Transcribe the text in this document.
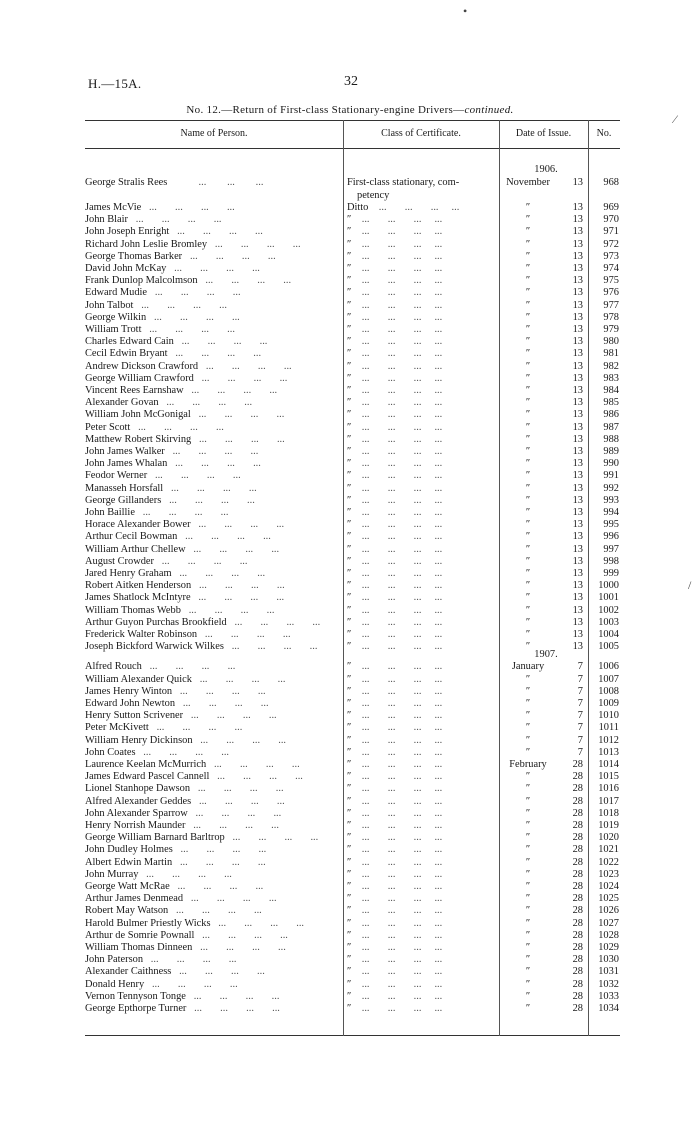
H.—15A.	32
No. 12.—Return of First-class Stationary-engine Drivers—continued.
Name of Person.	Class of Certificate.	Date of Issue.	No.
1906.
George Stralis Rees            ...        ...        ...	First-class stationary, com-	November	13	968
petency
James McVie   ...       ...       ...       ...	Ditto    ...       ...       ...     ...	″	13	969
John Blair   ...       ...       ...       ...	″    ...       ...       ...     ...	″	13	970
John Joseph Enright   ...       ...       ...       ...	″    ...       ...       ...     ...	″	13	971
Richard John Leslie Bromley   ...       ...       ...       ...	″    ...       ...       ...     ...	″	13	972
George Thomas Barker   ...       ...       ...       ...	″    ...       ...       ...     ...	″	13	973
David John McKay   ...       ...       ...       ...	″    ...       ...       ...     ...	″	13	974
Frank Dunlop Malcolmson   ...       ...       ...       ...	″    ...       ...       ...     ...	″	13	975
Edward Mudie   ...       ...       ...       ...	″    ...       ...       ...     ...	″	13	976
John Talbot   ...       ...       ...       ...	″    ...       ...       ...     ...	″	13	977
George Wilkin   ...       ...       ...       ...	″    ...       ...       ...     ...	″	13	978
William Trott   ...       ...       ...       ...	″    ...       ...       ...     ...	″	13	979
Charles Edward Cain   ...       ...       ...       ...	″    ...       ...       ...     ...	″	13	980
Cecil Edwin Bryant   ...       ...       ...       ...	″    ...       ...       ...     ...	″	13	981
Andrew Dickson Crawford   ...       ...       ...       ...	″    ...       ...       ...     ...	″	13	982
George William Crawford   ...       ...       ...       ...	″    ...       ...       ...     ...	″	13	983
Vincent Rees Earnshaw   ...       ...       ...       ...	″    ...       ...       ...     ...	″	13	984
Alexander Govan   ...       ...       ...       ...	″    ...       ...       ...     ...	″	13	985
William John McGonigal   ...       ...       ...       ...	″    ...       ...       ...     ...	″	13	986
Peter Scott   ...       ...       ...       ...	″    ...       ...       ...     ...	″	13	987
Matthew Robert Skirving   ...       ...       ...       ...	″    ...       ...       ...     ...	″	13	988
John James Walker   ...       ...       ...       ...	″    ...       ...       ...     ...	″	13	989
John James Whalan   ...       ...       ...       ...	″    ...       ...       ...     ...	″	13	990
Feodor Werner   ...       ...       ...       ...	″    ...       ...       ...     ...	″	13	991
Manasseh Horsfall   ...       ...       ...       ...	″    ...       ...       ...     ...	″	13	992
George Gillanders   ...       ...       ...       ...	″    ...       ...       ...     ...	″	13	993
John Baillie   ...       ...       ...       ...	″    ...       ...       ...     ...	″	13	994
Horace Alexander Bower   ...       ...       ...       ...	″    ...       ...       ...     ...	″	13	995
Arthur Cecil Bowman   ...       ...       ...       ...	″    ...       ...       ...     ...	″	13	996
William Arthur Chellew   ...       ...       ...       ...	″    ...       ...       ...     ...	″	13	997
August Crowder   ...       ...       ...       ...	″    ...       ...       ...     ...	″	13	998
Jared Henry Graham   ...       ...       ...       ...	″    ...       ...       ...     ...	″	13	999
Robert Aitken Henderson   ...       ...       ...       ...	″    ...       ...       ...     ...	″	13	1000
James Shatlock McIntyre   ...       ...       ...       ...	″    ...       ...       ...     ...	″	13	1001
William Thomas Webb   ...       ...       ...       ...	″    ...       ...       ...     ...	″	13	1002
Arthur Guyon Purchas Brookfield   ...       ...       ...       ...	″    ...       ...       ...     ...	″	13	1003
Frederick Walter Robinson   ...       ...       ...       ...	″    ...       ...       ...     ...	″	13	1004
Joseph Bickford Warwick Wilkes   ...       ...       ...       ...	″    ...       ...       ...     ...	″	13	1005
Alfred Rouch   ...       ...       ...       ...	″    ...       ...       ...     ...	January	7	1006
William Alexander Quick   ...       ...       ...       ...	″    ...       ...       ...     ...	″	7	1007
James Henry Winton   ...       ...       ...       ...	″    ...       ...       ...     ...	″	7	1008
Edward John Newton   ...       ...       ...       ...	″    ...       ...       ...     ...	″	7	1009
Henry Sutton Scrivener   ...       ...       ...       ...	″    ...       ...       ...     ...	″	7	1010
Peter McKivett   ...       ...       ...       ...	″    ...       ...       ...     ...	″	7	1011
William Henry Dickinson   ...       ...       ...       ...	″    ...       ...       ...     ...	″	7	1012
John Coates   ...       ...       ...       ...	″    ...       ...       ...     ...	″	7	1013
Laurence Keelan McMurrich   ...       ...       ...       ...	″    ...       ...       ...     ...	February	28	1014
James Edward Pascel Cannell   ...       ...       ...       ...	″    ...       ...       ...     ...	″	28	1015
Lionel Stanhope Dawson   ...       ...       ...       ...	″    ...       ...       ...     ...	″	28	1016
Alfred Alexander Geddes   ...       ...       ...       ...	″    ...       ...       ...     ...	″	28	1017
John Alexander Sparrow   ...       ...       ...       ...	″    ...       ...       ...     ...	″	28	1018
Henry Norrish Maunder   ...       ...       ...       ...	″    ...       ...       ...     ...	″	28	1019
George William Barnard Barltrop   ...       ...       ...       ...	″    ...       ...       ...     ...	″	28	1020
John Dudley Holmes   ...       ...       ...       ...	″    ...       ...       ...     ...	″	28	1021
Albert Edwin Martin   ...       ...       ...       ...	″    ...       ...       ...     ...	″	28	1022
John Murray   ...       ...       ...       ...	″    ...       ...       ...     ...	″	28	1023
George Watt McRae   ...       ...       ...       ...	″    ...       ...       ...     ...	″	28	1024
Arthur James Denmead   ...       ...       ...       ...	″    ...       ...       ...     ...	″	28	1025
Robert May Watson   ...       ...       ...       ...	″    ...       ...       ...     ...	″	28	1026
Harold Bulmer Priestly Wicks   ...       ...       ...       ...	″    ...       ...       ...     ...	″	28	1027
Arthur de Somrie Pownall   ...       ...       ...       ...	″    ...       ...       ...     ...	″	28	1028
William Thomas Dinneen   ...       ...       ...       ...	″    ...       ...       ...     ...	″	28	1029
John Paterson   ...       ...       ...       ...	″    ...       ...       ...     ...	″	28	1030
Alexander Caithness   ...       ...       ...       ...	″    ...       ...       ...     ...	″	28	1031
Donald Henry   ...       ...       ...       ...	″    ...       ...       ...     ...	″	28	1032
Vernon Tennyson Tonge   ...       ...       ...       ...	″    ...       ...       ...     ...	″	28	1033
George Epthorpe Turner   ...       ...       ...       ...	″    ...       ...       ...     ...	″	28	1034
1907.
•
⁄
/
